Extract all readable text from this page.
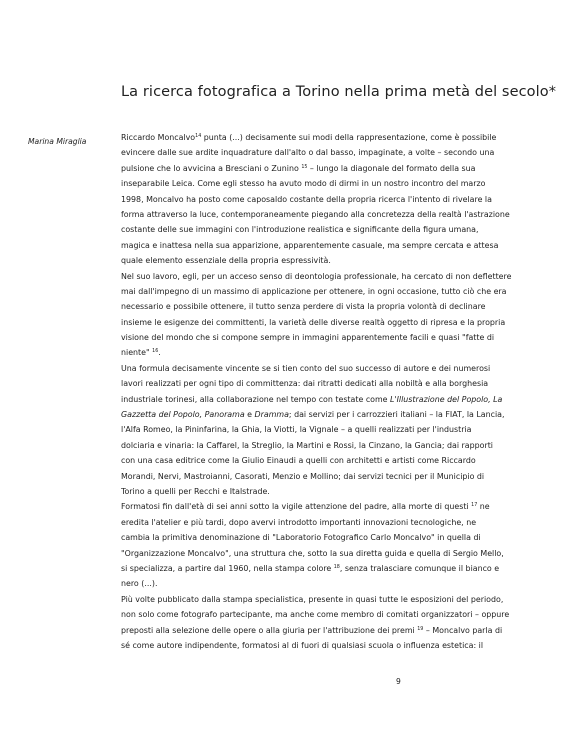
La ricerca fotografica a Torino nella prima metà del secolo*
Marina Miraglia	Riccardo Moncalvo$^{14}$ punta (...) decisamente sui modi della rappresentazione, come è possibile
evincere dalle sue ardite inquadrature dall'alto o dal basso, impaginate, a volte – secondo una
pulsione che lo avvicina a Bresciani o Zunino $^{15}$ – lungo la diagonale del formato della sua
inseparabile Leica. Come egli stesso ha avuto modo di dirmi in un nostro incontro del marzo
1998, Moncalvo ha posto come caposaldo costante della propria ricerca l'intento di rivelare la
forma attraverso la luce, contemporaneamente piegando alla concretezza della realtà l'astrazione
costante delle sue immagini con l'introduzione realistica e significante della figura umana,
magica e inattesa nella sua apparizione, apparentemente casuale, ma sempre cercata e attesa
quale elemento essenziale della propria espressività.
Nel suo lavoro, egli, per un acceso senso di deontologia professionale, ha cercato di non deflettere
mai dall'impegno di un massimo di applicazione per ottenere, in ogni occasione, tutto ciò che era
necessario e possibile ottenere, il tutto senza perdere di vista la propria volontà di declinare
insieme le esigenze dei committenti, la varietà delle diverse realtà oggetto di ripresa e la propria
visione del mondo che si compone sempre in immagini apparentemente facili e quasi "fatte di
niente" $^{16}$.
Una formula decisamente vincente se si tien conto del suo successo di autore e dei numerosi
lavori realizzati per ogni tipo di committenza: dai ritratti dedicati alla nobiltà e alla borghesia
industriale torinesi, alla collaborazione nel tempo con testate come L'Illustrazione del Popolo, La
Gazzetta del Popolo, Panorama e Dramma; dai servizi per i carrozzieri italiani – la FIAT, la Lancia,
l'Alfa Romeo, la Pininfarina, la Ghia, la Viotti, la Vignale – a quelli realizzati per l'industria
dolciaria e vinaria: la Caffarel, la Streglio, la Martini e Rossi, la Cinzano, la Gancia; dai rapporti
con una casa editrice come la Giulio Einaudi a quelli con architetti e artisti come Riccardo
Morandi, Nervi, Mastroianni, Casorati, Menzio e Mollino; dai servizi tecnici per il Municipio di
Torino a quelli per Recchi e Italstrade.
Formatosi fin dall'età di sei anni sotto la vigile attenzione del padre, alla morte di questi $^{17}$ ne
eredita l'atelier e più tardi, dopo avervi introdotto importanti innovazioni tecnologiche, ne
cambia la primitiva denominazione di "Laboratorio Fotografico Carlo Moncalvo" in quella di
"Organizzazione Moncalvo", una struttura che, sotto la sua diretta guida e quella di Sergio Mello,
si specializza, a partire dal 1960, nella stampa colore $^{18}$, senza tralasciare comunque il bianco e
nero (...).
Più volte pubblicato dalla stampa specialistica, presente in quasi tutte le esposizioni del periodo,
non solo come fotografo partecipante, ma anche come membro di comitati organizzatori – oppure
preposti alla selezione delle opere o alla giuria per l'attribuzione dei premi $^{19}$ – Moncalvo parla di
sé come autore indipendente, formatosi al di fuori di qualsiasi scuola o influenza estetica: il
9
